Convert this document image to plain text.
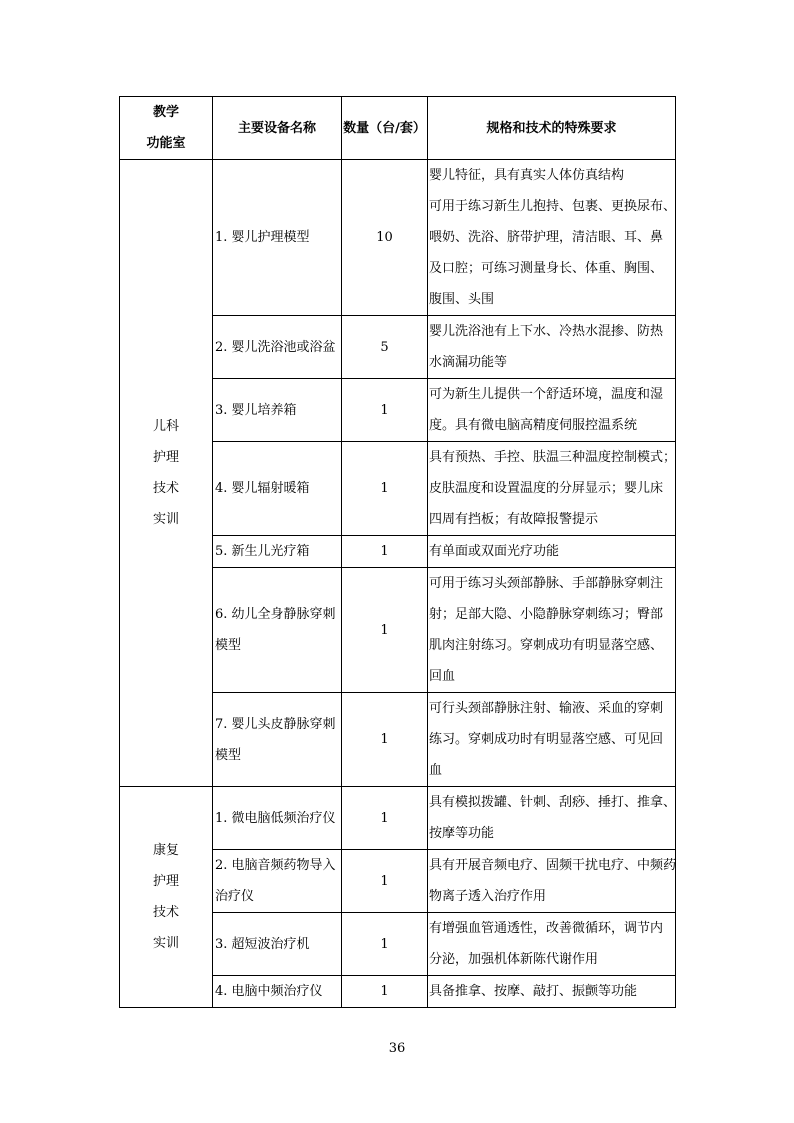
教学
功能室	主要设备名称	数量（台/套）	规格和技术的特殊要求

儿科
护理
技术
实训	1. 婴儿护理模型	10	婴儿特征，具有真实人体仿真结构
可用于练习新生儿抱持、包裹、更换尿布、
喂奶、洗浴、脐带护理，清洁眼、耳、鼻
及口腔；可练习测量身长、体重、胸围、
腹围、头围

	2. 婴儿洗浴池或浴盆	5	婴儿洗浴池有上下水、冷热水混掺、防热
水滴漏功能等

	3. 婴儿培养箱	1	可为新生儿提供一个舒适环境，温度和湿
度。具有微电脑高精度伺服控温系统

	4. 婴儿辐射暖箱	1	具有预热、手控、肤温三种温度控制模式；
皮肤温度和设置温度的分屏显示；婴儿床
四周有挡板；有故障报警提示

	5. 新生儿光疗箱	1	有单面或双面光疗功能

	6. 幼儿全身静脉穿刺
模型	1	可用于练习头颈部静脉、手部静脉穿刺注
射；足部大隐、小隐静脉穿刺练习；臀部
肌肉注射练习。穿刺成功有明显落空感、
回血

	7. 婴儿头皮静脉穿刺
模型	1	可行头颈部静脉注射、输液、采血的穿刺
练习。穿刺成功时有明显落空感、可见回
血

康复
护理
技术
实训	1. 微电脑低频治疗仪	1	具有模拟拨罐、针刺、刮痧、捶打、推拿、
按摩等功能

	2. 电脑音频药物导入
治疗仪	1	具有开展音频电疗、固频干扰电疗、中频药
物离子透入治疗作用

	3. 超短波治疗机	1	有增强血管通透性，改善微循环，调节内
分泌，加强机体新陈代谢作用

	4. 电脑中频治疗仪	1	具备推拿、按摩、敲打、振颤等功能
36
